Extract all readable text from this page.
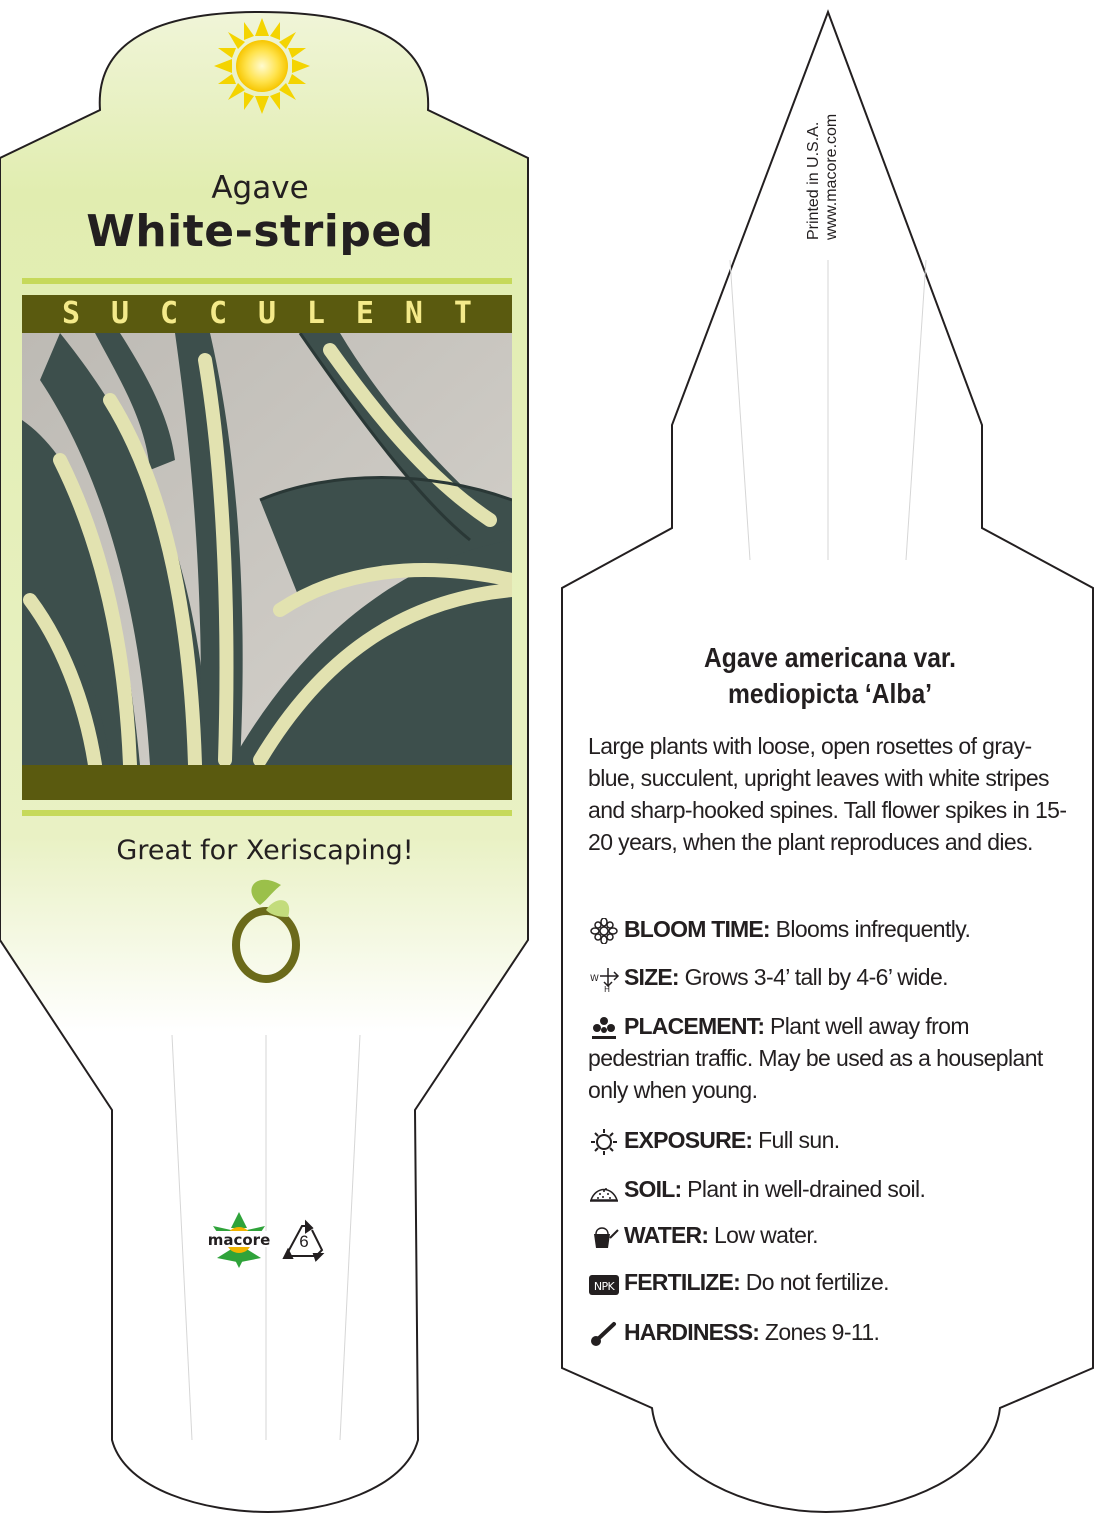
macore
Agave
White-striped
S U C C U L E N T
Great for Xeriscaping!
6
Printed in U.S.A. www.macore.com
Agave americana var.
mediopicta ‘Alba’
Large plants with loose, open rosettes of gray-blue, succulent, upright leaves with white stripes and sharp-hooked spines. Tall flower spikes in 15-20 years, when the plant reproduces and dies.
BLOOM TIME: Blooms infrequently.
W
H SIZE: Grows 3-4’ tall by 4-6’ wide.
PLACEMENT: Plant well away from pedestrian traffic. May be used as a houseplant only when young.
EXPOSURE: Full sun.
SOIL: Plant in well-drained soil.
WATER: Low water.
NPK FERTILIZE: Do not fertilize.
HARDINESS: Zones 9-11.
